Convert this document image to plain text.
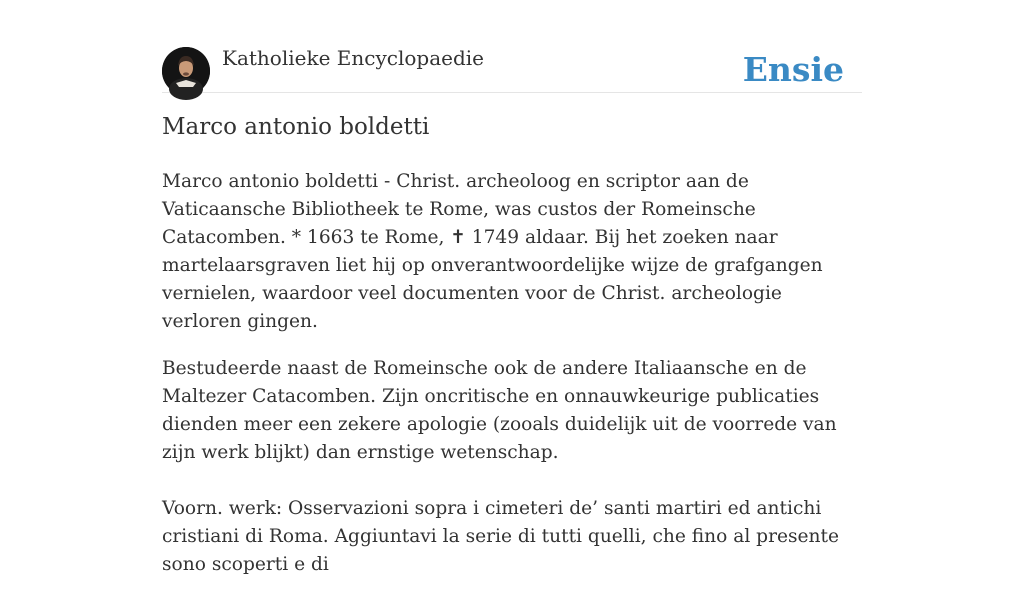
Katholieke Encyclopaedie	Ensie
Marco antonio boldetti

Marco antonio boldetti - Christ. archeoloog en scriptor aan de Vaticaansche Bibliotheek te Rome, was custos der Romeinsche Catacomben. * 1663 te Rome, ✝ 1749 aldaar. Bij het zoeken naar martelaarsgraven liet hij op onverantwoordelijke wijze de grafgangen vernielen, waardoor veel documenten voor de Christ. archeologie verloren gingen.

Bestudeerde naast de Romeinsche ook de andere Italiaansche en de Maltezer Catacomben. Zijn oncritische en onnauwkeurige publicaties dienden meer een zekere apologie (zooals duidelijk uit de voorrede van zijn werk blijkt) dan ernstige wetenschap.

Voorn. werk: Osservazioni sopra i cimeteri de’ santi martiri ed antichi cristiani di Roma. Aggiuntavi la serie di tutti quelli, che fino al presente sono scoperti e di
